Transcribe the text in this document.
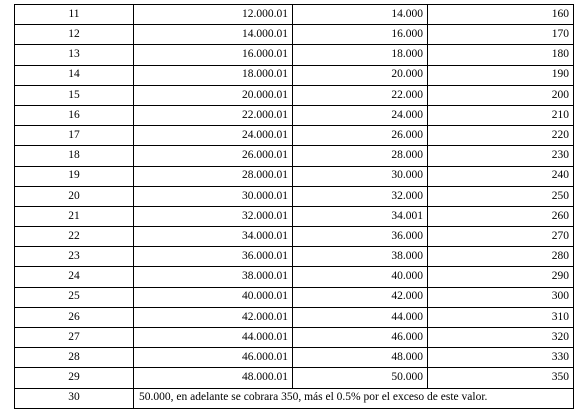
11	12.000.01	14.000	160
12	14.000.01	16.000	170
13	16.000.01	18.000	180
14	18.000.01	20.000	190
15	20.000.01	22.000	200
16	22.000.01	24.000	210
17	24.000.01	26.000	220
18	26.000.01	28.000	230
19	28.000.01	30.000	240
20	30.000.01	32.000	250
21	32.000.01	34.001	260
22	34.000.01	36.000	270
23	36.000.01	38.000	280
24	38.000.01	40.000	290
25	40.000.01	42.000	300
26	42.000.01	44.000	310
27	44.000.01	46.000	320
28	46.000.01	48.000	330
29	48.000.01	50.000	350
30	50.000, en adelante se cobrara 350, más el 0.5% por el exceso de este valor.		
